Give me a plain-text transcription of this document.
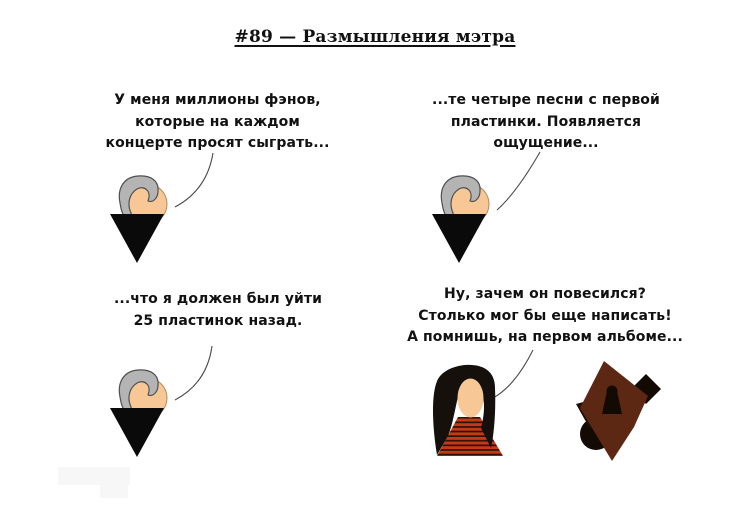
#89 — Размышления мэтра
У меня миллионы фэнов,
которые на каждом
концерте просят сыграть...
...те четыре песни с первой
пластинки. Появляется
ощущение...
...что я должен был уйти
25 пластинок назад.
Ну, зачем он повесился?
Столько мог бы еще написать!
А помнишь, на первом альбоме...
